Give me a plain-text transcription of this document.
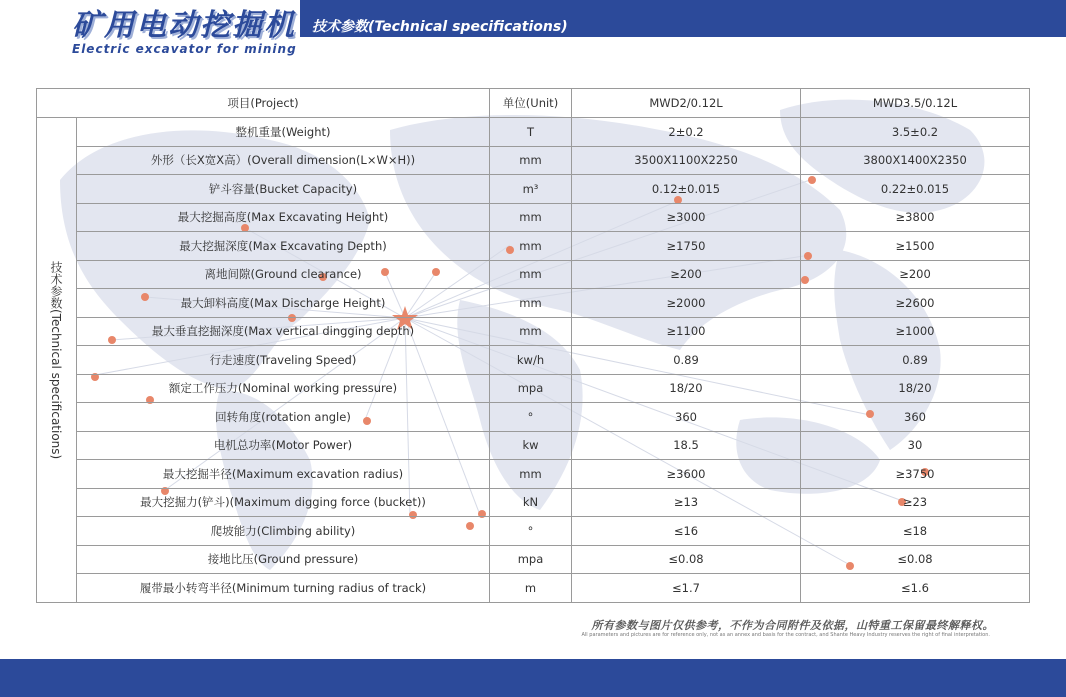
矿用电动挖掘机
Electric excavator for mining
技术参数(Technical specifications)
项目(Project)		单位(Unit)	MWD2/0.12L	MWD3.5/0.12L

技术参数(Technical specifications)	整机重量(Weight)	T	2±0.2	3.5±0.2
	外形（长X宽X高）(Overall dimension(L×W×H))	mm	3500X1100X2250	3800X1400X2350
	铲斗容量(Bucket Capacity)	m³	0.12±0.015	0.22±0.015
	最大挖掘高度(Max Excavating Height)	mm	≥3000	≥3800
	最大挖掘深度(Max Excavating Depth)	mm	≥1750	≥1500
	离地间隙(Ground clearance)	mm	≥200	≥200
	最大卸料高度(Max Discharge Height)	mm	≥2000	≥2600
	最大垂直挖掘深度(Max vertical dingging depth)	mm	≥1100	≥1000
	行走速度(Traveling Speed)	kw/h	0.89	0.89
	额定工作压力(Nominal working pressure)	mpa	18/20	18/20
	回转角度(rotation angle)	°	360	360
	电机总功率(Motor Power)	kw	18.5	30
	最大挖掘半径(Maximum excavation radius)	mm	≥3600	≥3750
	最大挖掘力(铲斗)(Maximum digging force (bucket))	kN	≥13	≥23
	爬坡能力(Climbing ability)	°	≤16	≤18
	接地比压(Ground pressure)	mpa	≤0.08	≤0.08
	履带最小转弯半径(Minimum turning radius of track)	m	≤1.7	≤1.6
所有参数与图片仅供参考，不作为合同附件及依据，山特重工保留最终解释权。
All parameters and pictures are for reference only, not as an annex and basis for the contract, and Shante Heavy Industry reserves the right of final interpretation.
